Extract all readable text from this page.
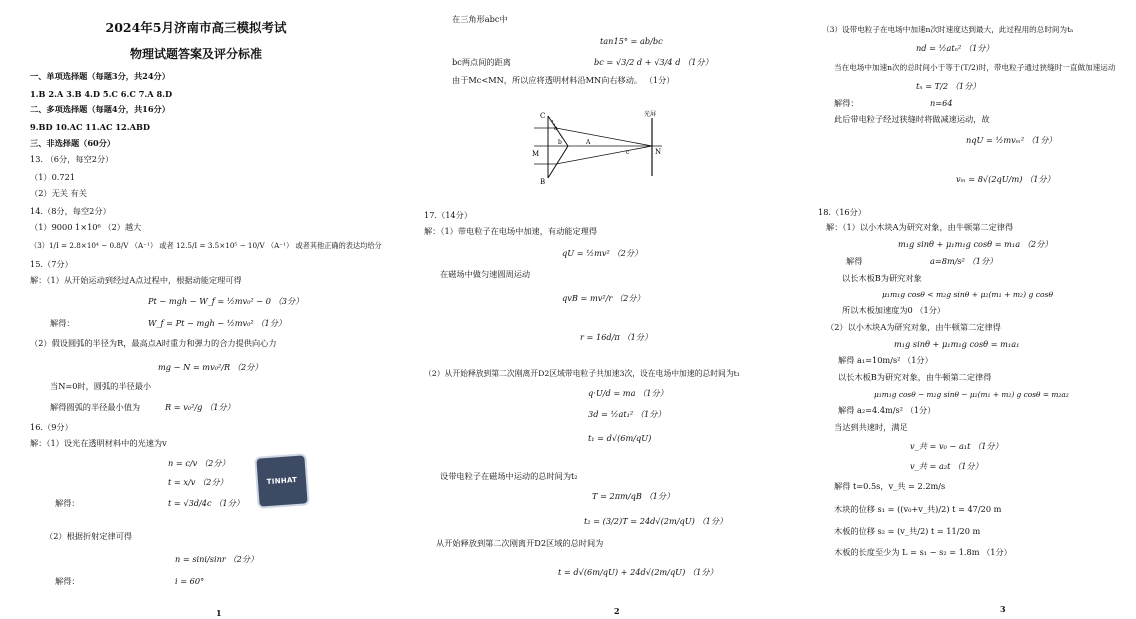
2024年5月济南市高三模拟考试
物理试题答案及评分标准
一、单项选择题（每题3分，共24分）
1.B 2.A 3.B 4.D 5.C 6.C 7.A 8.D
二、多项选择题（每题4分，共16分）
9.BD 10.AC 11.AC 12.ABD
三、非选择题（60分）
13. （6分，每空2分）
（1）0.721
（2）无关 有关
14.（8分，每空2分）
（1）9000 1×10⁶ （2）越大
（3）1/I = 2.8×10⁴ − 0.8/V （A⁻¹） 或者 12.5/I = 3.5×10⁵ − 10/V （A⁻¹） 或者其他正确的表达均给分
15.（7分）
解：（1）从开始运动到经过A点过程中，根据动能定理可得
Pt − mgh − W_f = ½mv₀² − 0 （3分）
解得：	W_f = Pt − mgh − ½mv₀² （1分）
（2）假设圆弧的半径为R，最高点A时重力和弹力的合力提供向心力
mg − N = mv₀²/R （2分）
当N=0时，圆弧的半径最小
解得圆弧的半径最小值为	R = v₀²/g （1分）
16.（9分）
解：（1）设光在透明材料中的光速为v
n = c/v （2分）
t = x/v （2分）
解得：	t = √3d/4c （1分）
（2）根据折射定律可得
n = sini/sinr （2分）
解得：	i = 60°
TINHAT
1
在三角形abc中
tan15° = ab/bc
bc两点间的距离	bc = √3/2 d + √3/4 d （1分）
由于Mc<MN，所以应将透明材料沿MN向右移动。 （1分）
C
M
B
a
b
c
A
N
光屏
17.（14分）
解：（1）带电粒子在电场中加速，有动能定理得
qU = ½mv² （2分）
在磁场中做匀速圆周运动
qvB = mv²/r （2分）
r = 16d/π （1分）
（2）从开始释放到第二次刚离开D2区域带电粒子共加速3次，设在电场中加速的总时间为t₁
q·U/d = ma （1分）
3d = ½at₁² （1分）
t₁ = d√(6m/qU)
设带电粒子在磁场中运动的总时间为t₂
T = 2πm/qB （1分）
t₂ = (3/2)T = 24d√(2m/qU) （1分）
从开始释放到第二次刚离开D2区域的总时间为
t = d√(6m/qU) + 24d√(2m/qU) （1分）
2
（3）设带电粒子在电场中加速n次时速度达到最大，此过程用的总时间为tₙ
nd = ½atₙ² （1分）
当在电场中加速n次的总时间小于等于(T/2)时，带电粒子通过狭缝时一直做加速运动
tₙ = T/2 （1分）
解得：	n=64
此后带电粒子经过狭缝时将做减速运动，故
nqU = ½mvₘ² （1分）
vₘ = 8√(2qU/m) （1分）
18.（16分）
解：（1）以小木块A为研究对象，由牛顿第二定律得
m₁g sinθ + μ₁m₁g cosθ = m₁a （2分）
解得	a=8m/s² （1分）
以长木板B为研究对象
μ₁m₁g cosθ < m₂g sinθ + μ₂(m₁ + m₂) g cosθ
所以木板加速度为0 （1分）
（2）以小木块A为研究对象，由牛顿第二定律得
m₁g sinθ + μ₁m₁g cosθ = m₁a₁
解得 a₁=10m/s² （1分）
以长木板B为研究对象，由牛顿第二定律得
μ₁m₁g cosθ − m₂g sinθ − μ₂(m₁ + m₂) g cosθ = m₂a₂
解得 a₂=4.4m/s² （1分）
当达到共速时，满足
v_共 = v₀ − a₁t （1分）
v_共 = a₂t （1分）
解得 t=0.5s，v_共 = 2.2m/s
木块的位移 s₁ = ((v₀+v_共)/2) t = 47/20 m
木板的位移 s₂ = (v_共/2) t = 11/20 m
木板的长度至少为 L = s₁ − s₂ = 1.8m （1分）
3
